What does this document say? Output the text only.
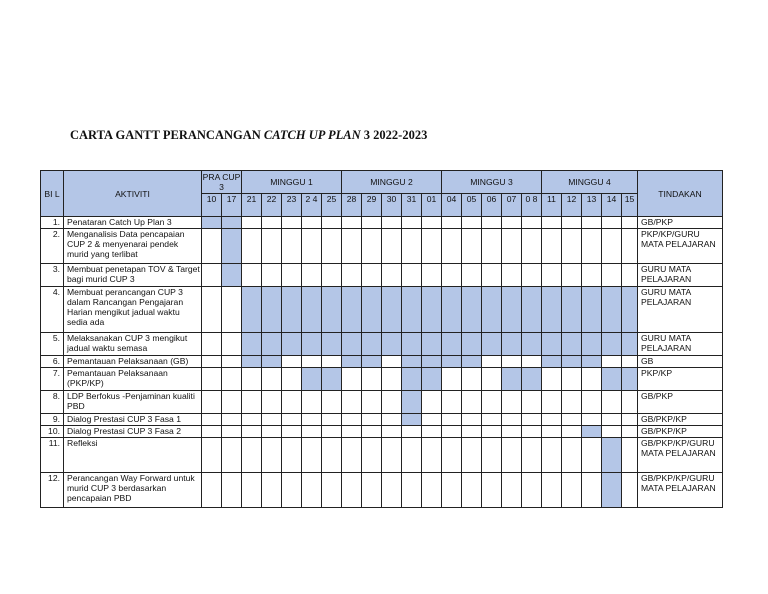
CARTA GANTT PERANCANGAN CATCH UP PLAN 3 2022-2023
BI L	AKTIVITI	PRA CUP 3		MINGGU 1					MINGGU 2					MINGGU 3					MINGGU 4					TINDAKAN
		10	17	21	22	23	2 4	25	28	29	30	31	01	04	05	06	07	0 8	11	12	13	14	15	
1.	Penataran Catch Up Plan 3																							GB/PKP
2.	Menganalisis Data pencapaian CUP 2 & menyenarai pendek murid yang terlibat																							PKP/KP/GURU MATA PELAJARAN
3.	Membuat penetapan TOV & Target bagi murid CUP 3																							GURU MATA PELAJARAN
4.	Membuat perancangan CUP 3 dalam Rancangan Pengajaran Harian mengikut jadual waktu sedia ada																							GURU MATA PELAJARAN
5.	Melaksanakan CUP 3 mengikut jadual waktu semasa																							GURU MATA PELAJARAN
6.	Pemantauan Pelaksanaan (GB)																							GB
7.	Pemantauan Pelaksanaan (PKP/KP)																							PKP/KP
8.	LDP Berfokus -Penjaminan kualiti PBD																							GB/PKP
9.	Dialog Prestasi CUP 3 Fasa 1																							GB/PKP/KP
10.	Dialog Prestasi CUP 3 Fasa 2																							GB/PKP/KP
11.	Refleksi																							GB/PKP/KP/GURU MATA PELAJARAN
12.	Perancangan Way Forward untuk murid CUP 3 berdasarkan pencapaian PBD																							GB/PKP/KP/GURU MATA PELAJARAN
